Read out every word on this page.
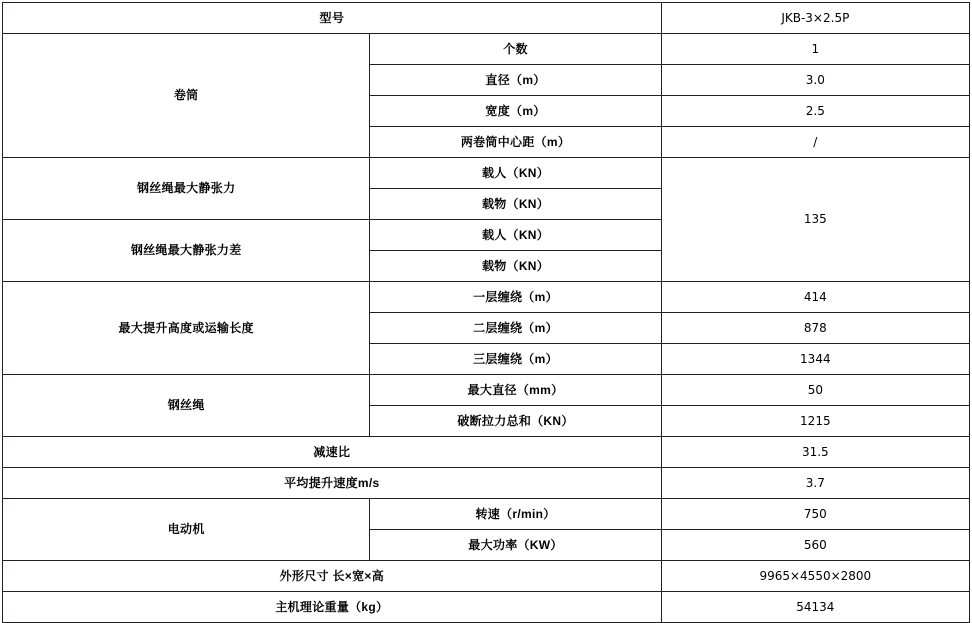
型号		JKB-3×2.5P
卷筒	个数	1
	直径（m）	3.0
	宽度（m）	2.5
	两卷筒中心距（m）	/
钢丝绳最大静张力	载人（KN）	135
	载物（KN）	
钢丝绳最大静张力差	载人（KN）	
	载物（KN）	
最大提升高度或运输长度	一层缠绕（m）	414
	二层缠绕（m）	878
	三层缠绕（m）	1344
钢丝绳	最大直径（mm）	50
	破断拉力总和（KN）	1215
减速比		31.5
平均提升速度m/s		3.7
电动机	转速（r/min）	750
	最大功率（KW）	560
外形尺寸 长×宽×高		9965×4550×2800
主机理论重量（kg）		54134
